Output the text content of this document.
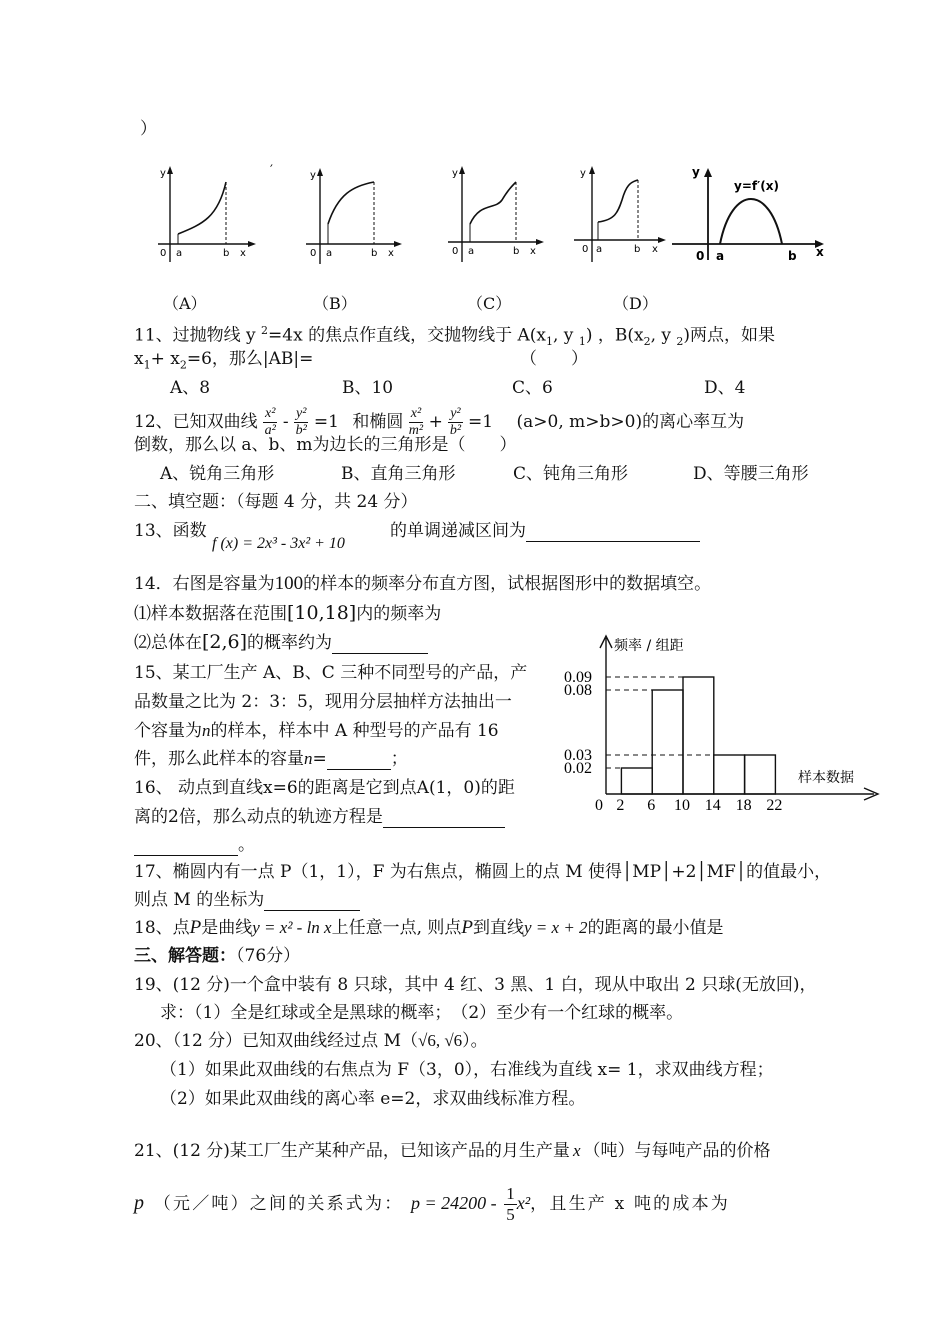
）
y
0 a	b x
′	y
0 a	b x
y
0 a	b x
y
0 a	b x
y
y=f′(x)
0 a	b x
（A）	（B）	（C）	（D）
11、过抛物线 y $^2$=4x 的焦点作直线，交抛物线于 $A(x_1$, y $_1$) ，$B(x_2$, y $_2$)两点，如果
$x_1+ x_2=6$，那么|AB|=	（　　）
A、8	B、10	C、6	D、4
12、已知双曲线 $\frac{\text{x²}}{\text{a²}} - \frac{\text{y²}}{\text{b²}} =1$ 和椭圆 $\frac{\text{x²}}{\text{m²}} + \frac{\text{y²}}{\text{b²}} =1$ (a>0, m>b>0)的离心率互为
倒数，那么以 a、b、m为边长的三角形是（　　）
A、锐角三角形	B、直角三角形	C、钝角三角形	D、等腰三角形
二、填空题：（每题 4 分，共 24 分）
13、函数
f (x) = 2x³ - 3x² + 10
的单调递减区间为
14．右图是容量为100的样本的频率分布直方图，试根据图形中的数据填空。
⑴样本数据落在范围[10,18]内的频率为
⑵总体在[2,6]的概率约为
15、某工厂生产 A、B、C 三种不同型号的产品，产
品数量之比为 2：3：5，现用分层抽样方法抽出一
个容量为n的样本，样本中 A 种型号的产品有 16
件，那么此样本的容量n=	；
16、 动点到直线x=6的距离是它到点A(1，0)的距
离的2倍，那么动点的轨迹方程是
。
0.02
0.03
0.08
0.09
0 2 6 10 14 18 22
频率 / 组距
样本数据
17、椭圆内有一点 P（1，1），F 为右焦点，椭圆上的点 M 使得│MP│+2│MF│的值最小，
则点 M 的坐标为
18、点P是曲线y = x² - ln x上任意一点, 则点P到直线y = x + 2的距离的最小值是
三、解答题：（76分）
19、(12 分)一个盒中装有 8 只球，其中 4 红、3 黑、1 白，现从中取出 2 只球(无放回)，
求：（1）全是红球或全是黑球的概率；　（2）至少有一个红球的概率。
20、（12 分）已知双曲线经过点 M（√6, √6）。
（1）如果此双曲线的右焦点为 F（3，0），右准线为直线 x= 1，求双曲线方程；
（2）如果此双曲线的离心率 e=2，求双曲线标准方程。
21、(12 分)某工厂生产某种产品，已知该产品的月生产量 x （吨）与每吨产品的价格
p （元／吨）之间的关系式为： $p = 24200 - \frac{1}{5} x^2$，且生产 x 吨的成本为
